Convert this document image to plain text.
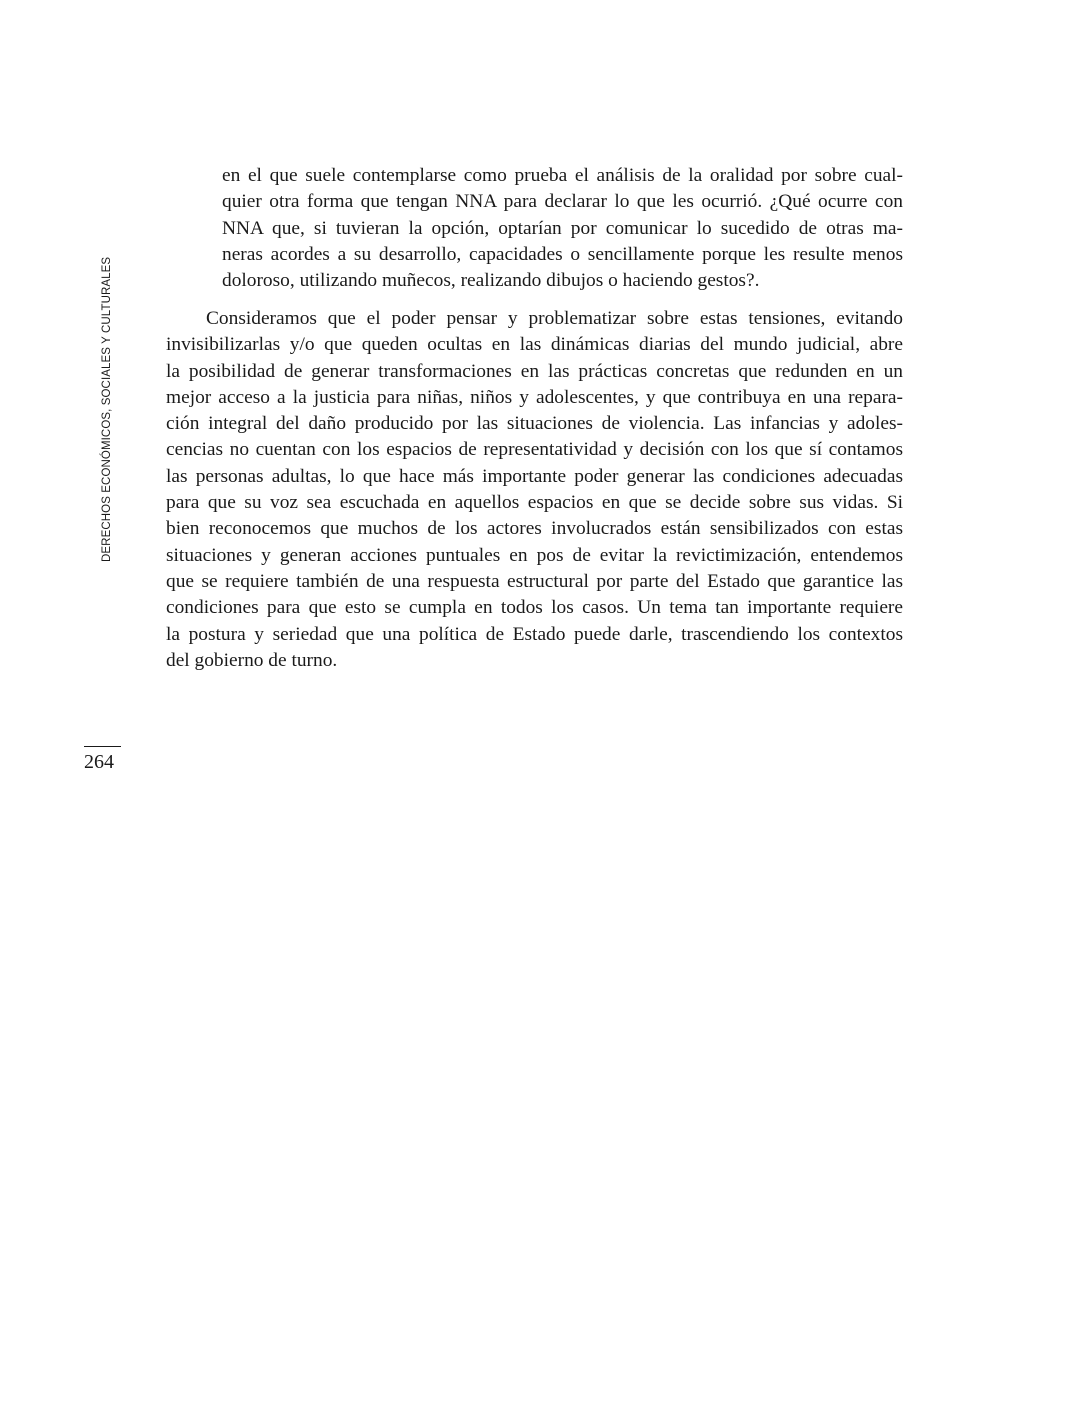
DERECHOS ECONÓMICOS, SOCIALES Y CULTURALES
en el que suele contemplarse como prueba el análisis de la oralidad por sobre cual-
quier otra forma que tengan NNA para declarar lo que les ocurrió. ¿Qué ocurre con
NNA que, si tuvieran la opción, optarían por comunicar lo sucedido de otras ma-
neras acordes a su desarrollo, capacidades o sencillamente porque les resulte menos
doloroso, utilizando muñecos, realizando dibujos o haciendo gestos?.
Consideramos que el poder pensar y problematizar sobre estas tensiones, evitando
invisibilizarlas y/o que queden ocultas en las dinámicas diarias del mundo judicial, abre
la posibilidad de generar transformaciones en las prácticas concretas que redunden en un
mejor acceso a la justicia para niñas, niños y adolescentes, y que contribuya en una repara-
ción integral del daño producido por las situaciones de violencia. Las infancias y adoles-
cencias no cuentan con los espacios de representatividad y decisión con los que sí contamos
las personas adultas, lo que hace más importante poder generar las condiciones adecuadas
para que su voz sea escuchada en aquellos espacios en que se decide sobre sus vidas. Si
bien reconocemos que muchos de los actores involucrados están sensibilizados con estas
situaciones y generan acciones puntuales en pos de evitar la revictimización, entendemos
que se requiere también de una respuesta estructural por parte del Estado que garantice las
condiciones para que esto se cumpla en todos los casos. Un tema tan importante requiere
la postura y seriedad que una política de Estado puede darle, trascendiendo los contextos
del gobierno de turno.
264
